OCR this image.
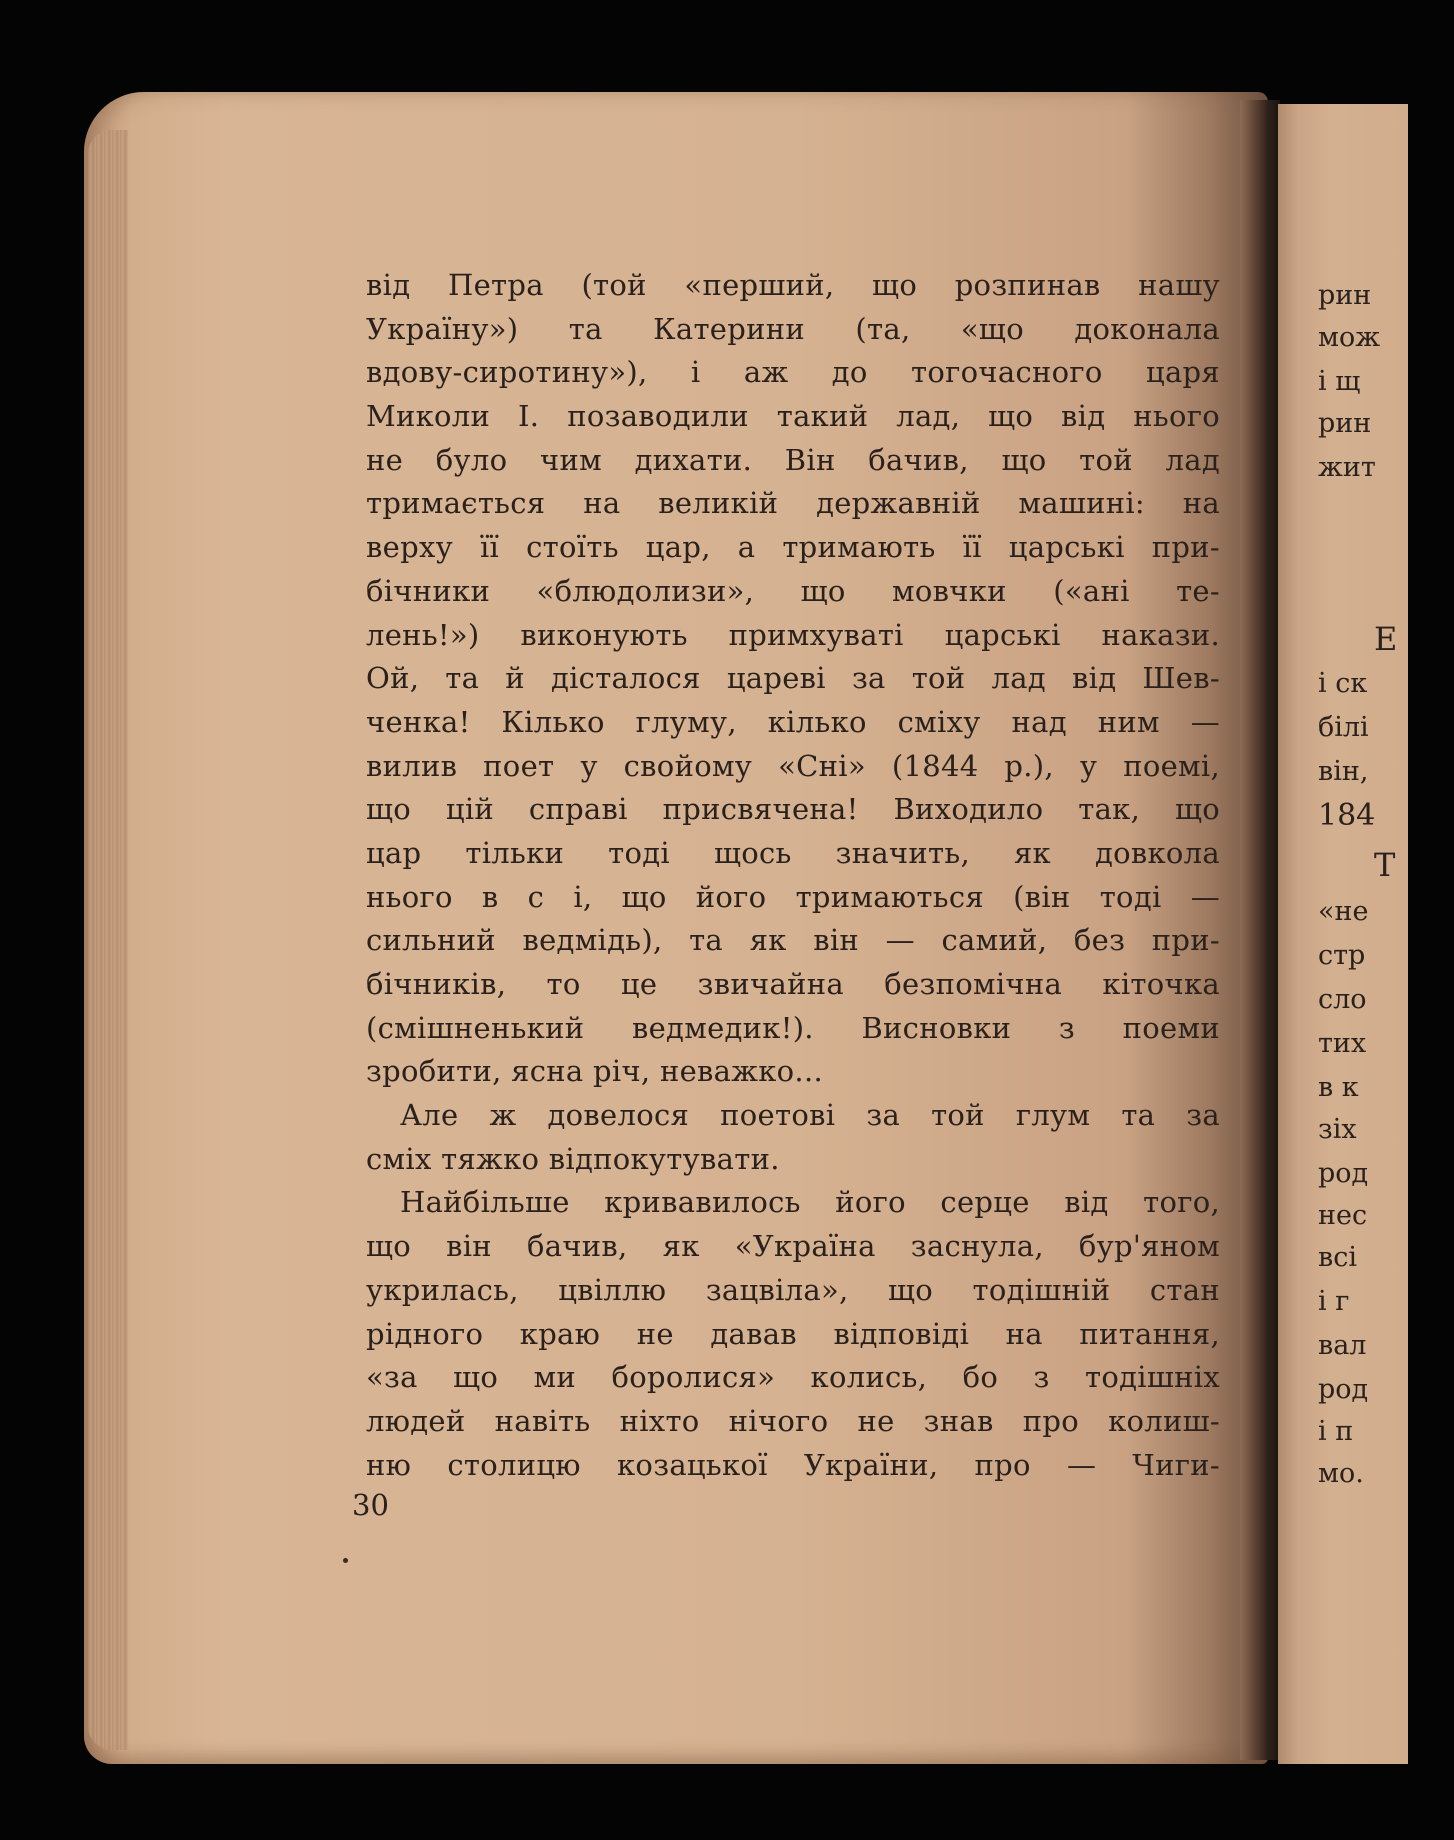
від Петра (той «перший, що розпинав нашу
Україну») та Катерини (та, «що доконала
вдову-сиротину»), і аж до тогочасного царя
Миколи І. позаводили такий лад, що від нього
не було чим дихати. Він бачив, що той лад
тримається на великій державній машині: на
верху її стоїть цар, а тримають її царські при-
бічники «блюдолизи», що мовчки («ані те-
лень!») виконують примхуваті царські накази.
Ой, та й дісталося цареві за той лад від Шев-
ченка! Кілько глуму, кілько сміху над ним —
вилив поет у свойому «Сні» (1844 р.), у поемі,
що цій справі присвячена! Виходило так, що
цар тільки тоді щось значить, як довкола
нього в с і, що його тримаються (він тоді —
сильний ведмідь), та як він — самий, без при-
бічників, то це звичайна безпомічна кіточка
(смішненький ведмедик!). Висновки з поеми
зробити, ясна річ, неважко...
Але ж довелося поетові за той глум та за
сміх тяжко відпокутувати.
Найбільше кривавилось його серце від того,
що він бачив, як «Україна заснула, бур'яном
укрилась, цвіллю зацвіла», що тодішній стан
рідного краю не давав відповіді на питання,
«за що ми боролися» колись, бо з тодішніх
людей навіть ніхто нічого не знав про колиш-
ню столицю козацької України, про — Чиги-
30
рин
мож
і щ
рин
жит
Е
і ск
білі
він,
184
Т
«не
стр
сло
тих
в к
зіх
род
нес
всі
і г
вал
род
і п
мо.
